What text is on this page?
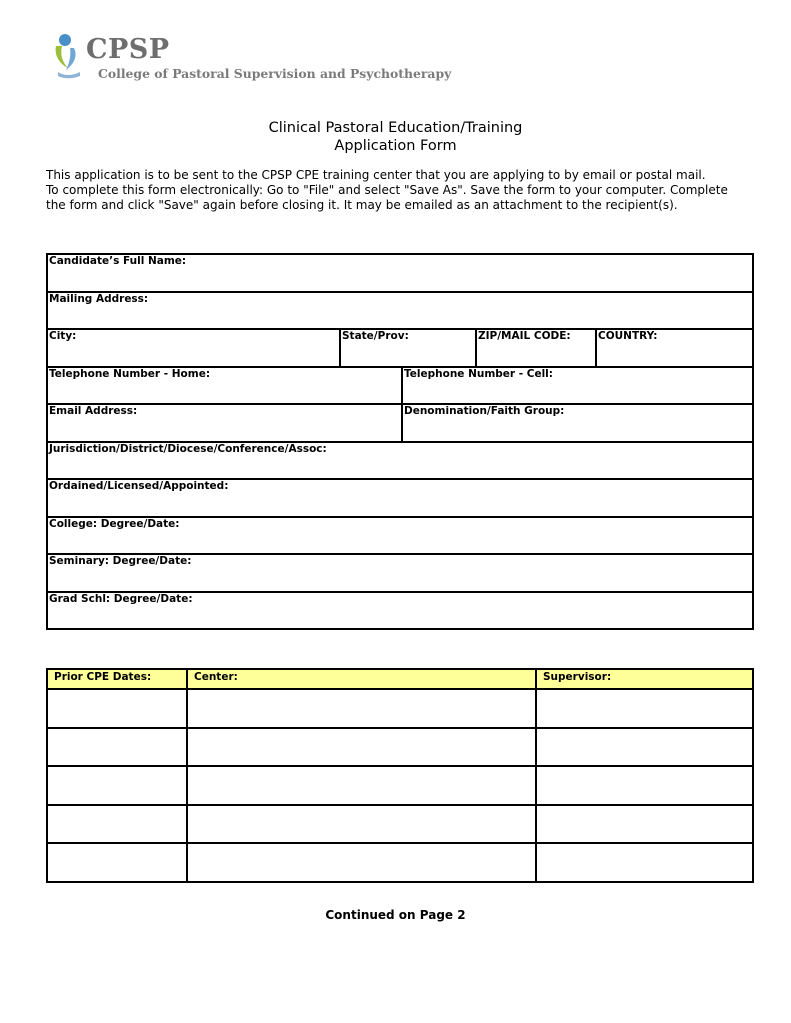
CPSP
College of Pastoral Supervision and Psychotherapy
Clinical Pastoral Education/Training
Application Form

This application is to be sent to the CPSP CPE training center that you are applying to by email or postal mail.

To complete this form electronically: Go to "File" and select "Save As". Save the form to your computer. Complete the form and click "Save" again before closing it. It may be emailed as an attachment to the recipient(s).

Candidate’s Full Name:				

Mailing Address:				

City:	State/Prov:		ZIP/MAIL CODE:	COUNTRY:

Telephone Number - Home:		Telephone Number - Cell:		

Email Address:		Denomination/Faith Group:		

Jurisdiction/District/Diocese/Conference/Assoc:				

Ordained/Licensed/Appointed:				

College: Degree/Date:				

Seminary: Degree/Date:				

Grad Schl: Degree/Date:				
Prior CPE Dates:	Center:	Supervisor:

Continued on Page 2
